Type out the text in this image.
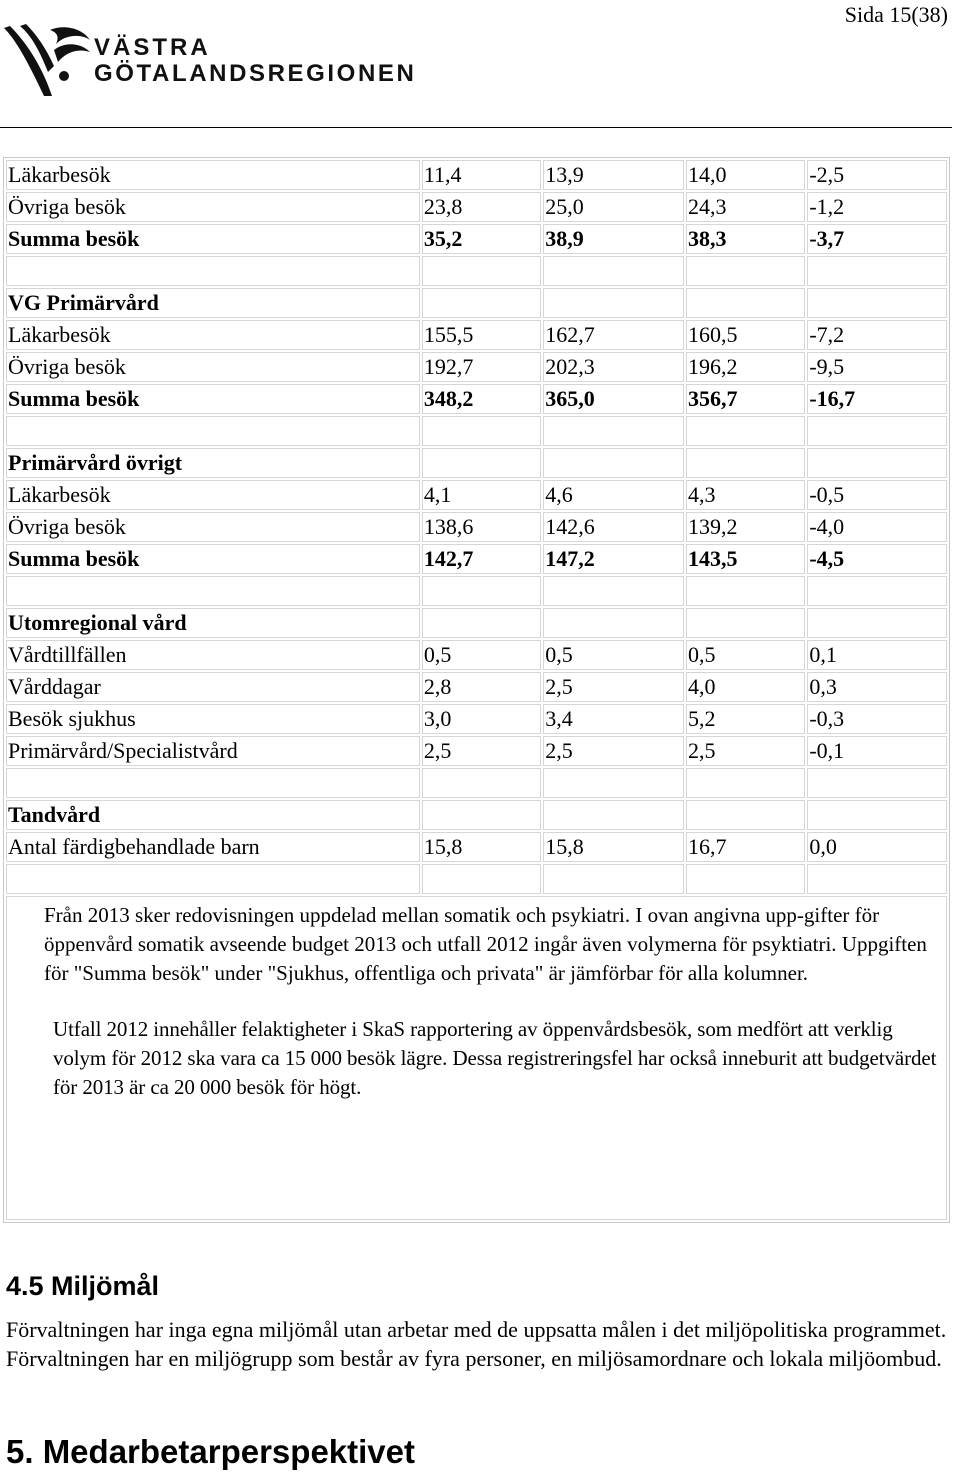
Sida 15(38)
VÄSTRA
GÖTALANDSREGIONEN
Läkarbesök	11,4	13,9	14,0	-2,5
Övriga besök	23,8	25,0	24,3	-1,2
Summa besök	35,2	38,9	38,3	-3,7

VG Primärvård				
Läkarbesök	155,5	162,7	160,5	-7,2
Övriga besök	192,7	202,3	196,2	-9,5
Summa besök	348,2	365,0	356,7	-16,7

Primärvård övrigt				
Läkarbesök	4,1	4,6	4,3	-0,5
Övriga besök	138,6	142,6	139,2	-4,0
Summa besök	142,7	147,2	143,5	-4,5

Utomregional vård				
Vårdtillfällen	0,5	0,5	0,5	0,1
Vårddagar	2,8	2,5	4,0	0,3
Besök sjukhus	3,0	3,4	5,2	-0,3
Primärvård/Specialistvård	2,5	2,5	2,5	-0,1

Tandvård				
Antal färdigbehandlade barn	15,8	15,8	16,7	0,0

Från 2013 sker redovisningen uppdelad mellan somatik och psykiatri. I ovan angivna upp-gifter för öppenvård somatik avseende budget 2013 och utfall 2012 ingår även volymerna för psyktiatri. Uppgiften för "Summa besök" under "Sjukhus, offentliga och privata" är jämförbar för alla kolumner.

Utfall 2012 innehåller felaktigheter i SkaS rapportering av öppenvårdsbesök, som medfört att verklig volym för 2012 ska vara ca 15 000 besök lägre. Dessa registreringsfel har också inneburit att budgetvärdet för 2013 är ca 20 000 besök för högt.				

4.5 Miljömål

Förvaltningen har inga egna miljömål utan arbetar med de uppsatta målen i det miljöpolitiska programmet. Förvaltningen har en miljögrupp som består av fyra personer, en miljösamordnare och lokala miljöombud.

5. Medarbetarperspektivet
